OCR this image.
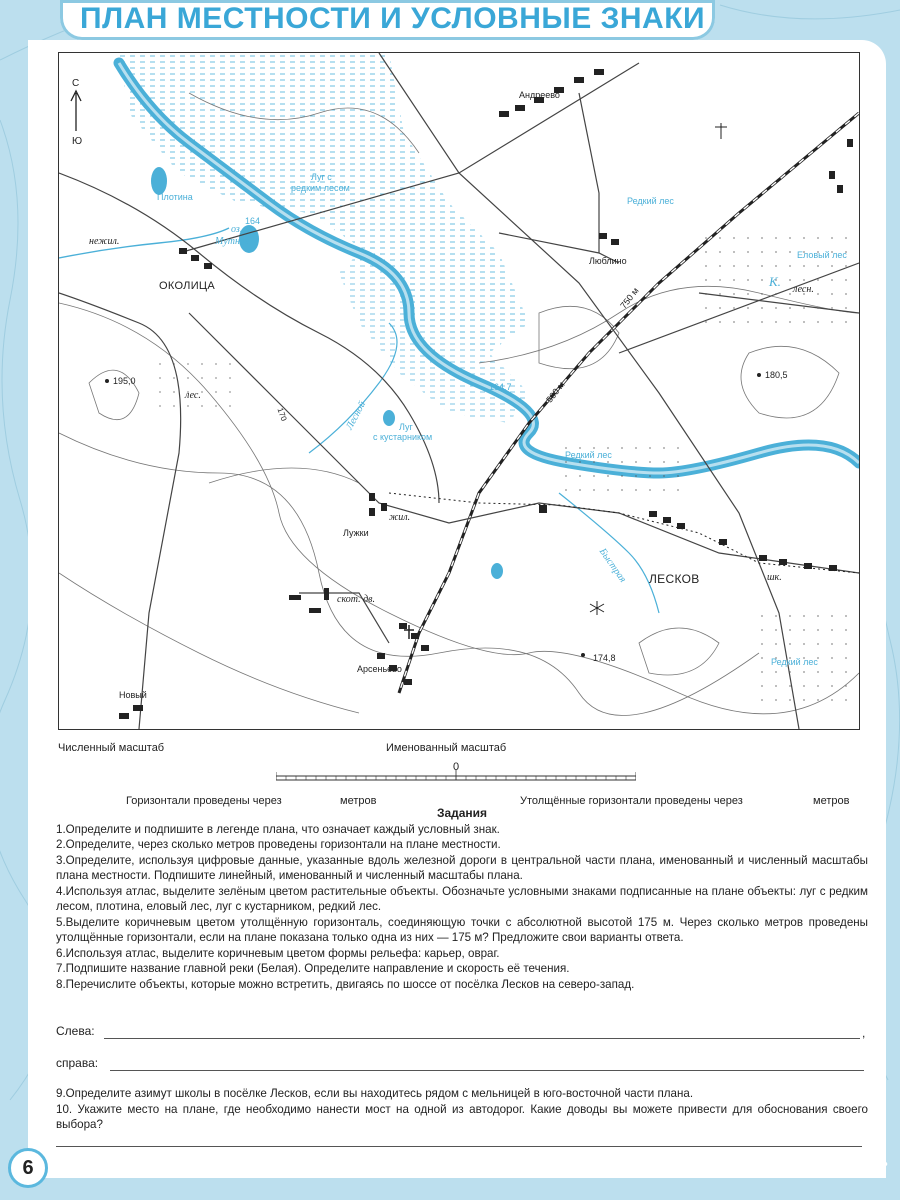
ПЛАН МЕСТНОСТИ И УСЛОВНЫЕ ЗНАКИ
С
Ю
Андреево
Люблино
ОКОЛИЦА
нежил.
Плотина
оз.
Мутное
164
Луг с
редким лесом
Редкий лес
Еловый лес
К.
лесн.
750 м
500 м
195,0
180,5
164,7
174,8
лес.
170	Лесной	Луг
с кустарником
Редкий лес
Лужки
жил.
Быстрая ЛЕСКОВ	шк.
скот. дв.
Арсеньево
Новый
Редкий лес
Численный масштаб	Именованный масштаб
0
Горизонтали проведены через	метров	Утолщённые горизонтали проведены через	метров
Задания
1.Определите и подпишите в легенде плана, что означает каждый условный знак.
2.Определите, через сколько метров проведены горизонтали на плане местности.
3.Определите, используя цифровые данные, указанные вдоль железной дороги в центральной части плана, именованный и численный масштабы плана местности. Подпишите линейный, именованный и численный масштабы плана.
4.Используя атлас, выделите зелёным цветом растительные объекты. Обозначьте условными знаками подписанные на плане объекты: луг с редким лесом, плотина, еловый лес, луг с кустарником, редкий лес.
5.Выделите коричневым цветом утолщённую горизонталь, соединяющую точки с абсолютной высотой 175 м. Через сколько метров проведены утолщённые горизонтали, если на плане показана только одна из них — 175 м? Предложите свои варианты ответа.
6.Используя атлас, выделите коричневым цветом формы рельефа: карьер, овраг.
7.Подпишите название главной реки (Белая). Определите направление и скорость её течения.
8.Перечислите объекты, которые можно встретить, двигаясь по шоссе от посёлка Лесков на северо-запад.
Слева:	,
справа:
9.Определите азимут школы в посёлке Лесков, если вы находитесь рядом с мельницей в юго-восточной части плана.
10. Укажите место на плане, где необходимо нанести мост на одной из автодорог. Какие доводы вы можете привести для обоснования своего выбора?
6
